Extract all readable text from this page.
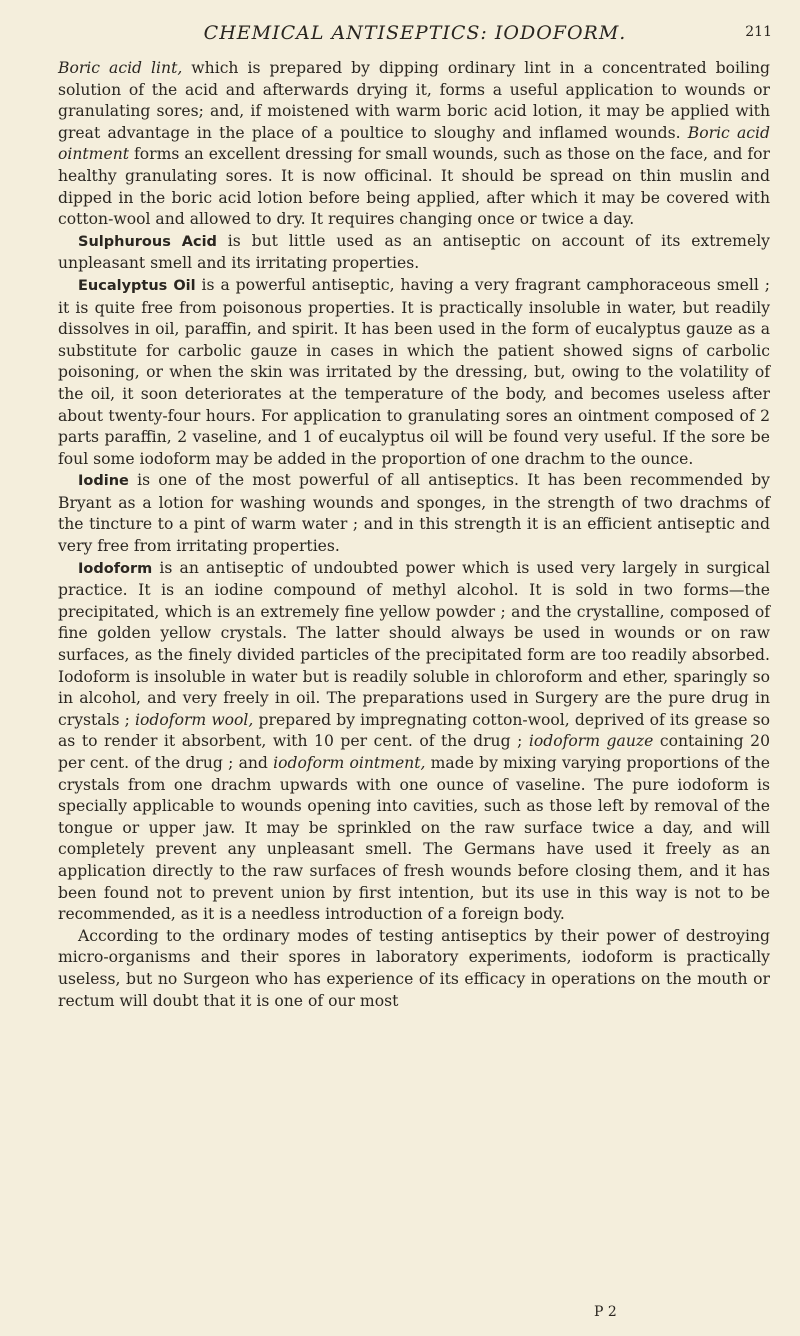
CHEMICAL ANTISEPTICS: IODOFORM.	211

Boric acid lint, which is prepared by dipping ordinary lint in a concentrated boiling solution of the acid and afterwards drying it, forms a useful application to wounds or granulating sores; and, if moistened with warm boric acid lotion, it may be applied with great advantage in the place of a poultice to sloughy and inflamed wounds. Boric acid ointment forms an excellent dressing for small wounds, such as those on the face, and for healthy granulating sores. It is now officinal. It should be spread on thin muslin and dipped in the boric acid lotion before being applied, after which it may be covered with cotton-wool and allowed to dry. It requires changing once or twice a day.

Sulphurous Acid is but little used as an antiseptic on account of its extremely unpleasant smell and its irritating properties.

Eucalyptus Oil is a powerful antiseptic, having a very fragrant camphoraceous smell ; it is quite free from poisonous properties. It is practically insoluble in water, but readily dissolves in oil, paraffin, and spirit. It has been used in the form of eucalyptus gauze as a substitute for carbolic gauze in cases in which the patient showed signs of carbolic poisoning, or when the skin was irritated by the dressing, but, owing to the volatility of the oil, it soon deteriorates at the temperature of the body, and becomes useless after about twenty-four hours. For application to granulating sores an ointment composed of 2 parts paraffin, 2 vaseline, and 1 of eucalyptus oil will be found very useful. If the sore be foul some iodoform may be added in the proportion of one drachm to the ounce.

Iodine is one of the most powerful of all antiseptics. It has been recommended by Bryant as a lotion for washing wounds and sponges, in the strength of two drachms of the tincture to a pint of warm water ; and in this strength it is an efficient antiseptic and very free from irritating properties.

Iodoform is an antiseptic of undoubted power which is used very largely in surgical practice. It is an iodine compound of methyl alcohol. It is sold in two forms—the precipitated, which is an extremely fine yellow powder ; and the crystalline, composed of fine golden yellow crystals. The latter should always be used in wounds or on raw surfaces, as the finely divided particles of the precipitated form are too readily absorbed. Iodoform is insoluble in water but is readily soluble in chloroform and ether, sparingly so in alcohol, and very freely in oil. The preparations used in Surgery are the pure drug in crystals ; iodoform wool, prepared by impregnating cotton-wool, deprived of its grease so as to render it absorbent, with 10 per cent. of the drug ; iodoform gauze containing 20 per cent. of the drug ; and iodoform ointment, made by mixing varying proportions of the crystals from one drachm upwards with one ounce of vaseline. The pure iodoform is specially applicable to wounds opening into cavities, such as those left by removal of the tongue or upper jaw. It may be sprinkled on the raw surface twice a day, and will completely prevent any unpleasant smell. The Germans have used it freely as an application directly to the raw surfaces of fresh wounds before closing them, and it has been found not to prevent union by first intention, but its use in this way is not to be recommended, as it is a needless introduction of a foreign body.

According to the ordinary modes of testing antiseptics by their power of destroying micro-organisms and their spores in laboratory experiments, iodoform is practically useless, but no Surgeon who has experience of its efficacy in operations on the mouth or rectum will doubt that it is one of our most

P 2
